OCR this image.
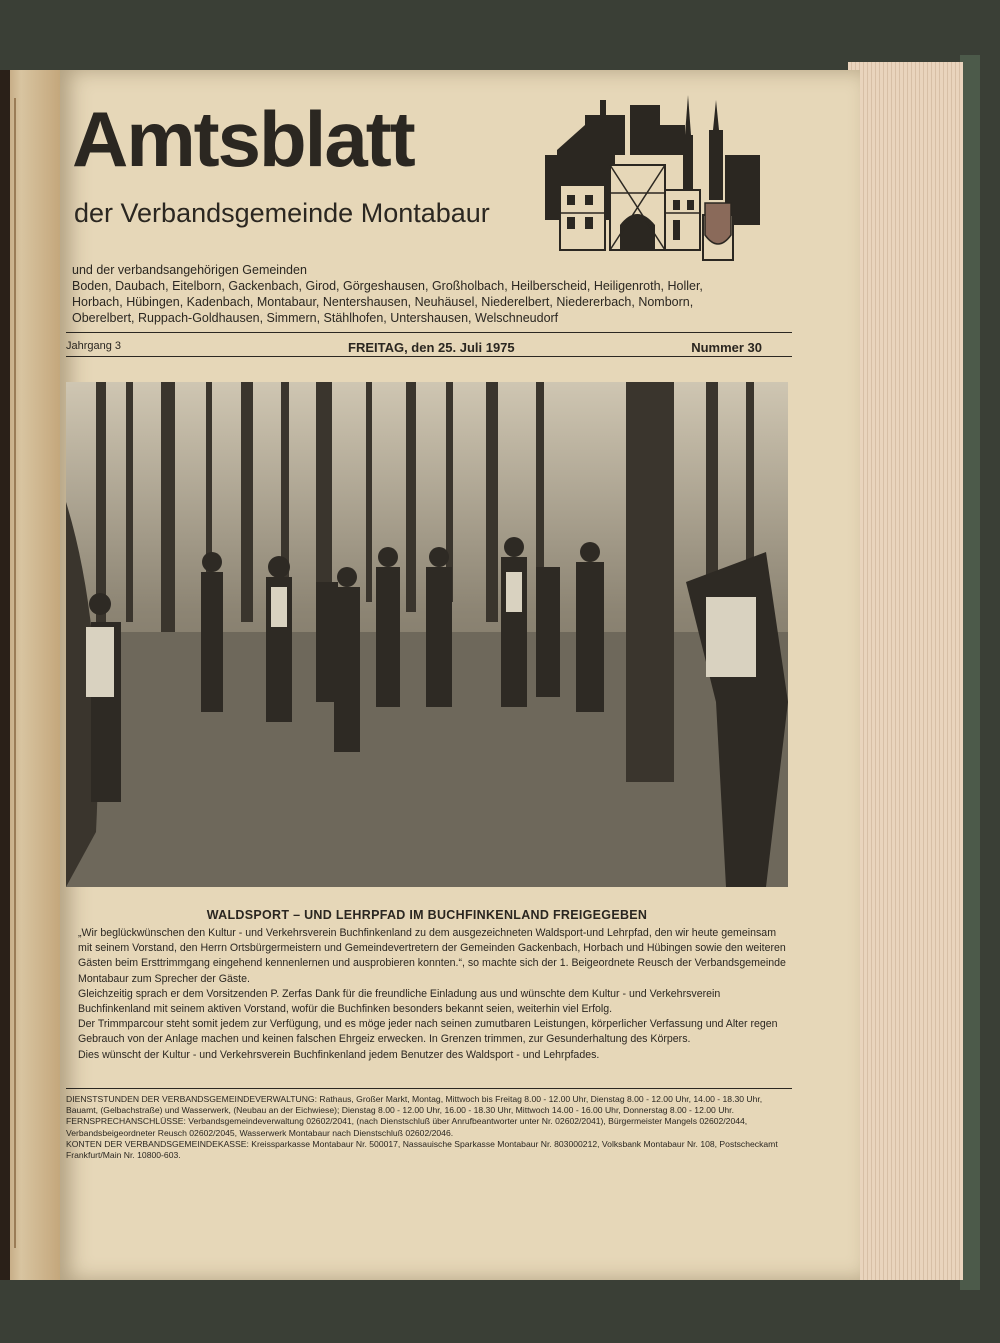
Amtsblatt
der Verbandsgemeinde Montabaur
und der verbandsangehörigen Gemeinden
Boden, Daubach, Eitelborn, Gackenbach, Girod, Görgeshausen, Großholbach, Heilberscheid, Heiligenroth, Holler,
Horbach, Hübingen, Kadenbach, Montabaur, Nentershausen, Neuhäusel, Niederelbert, Niedererbach, Nomborn,
Oberelbert, Ruppach-Goldhausen, Simmern, Stählhofen, Untershausen, Welschneudorf
Jahrgang 3	FREITAG, den 25. Juli 1975	Nummer 30
WALDSPORT – UND LEHRPFAD IM BUCHFINKENLAND FREIGEGEBEN

„Wir beglückwünschen den Kultur - und Verkehrsverein Buchfinkenland zu dem ausgezeichneten Waldsport-und Lehrpfad, den wir heute gemeinsam mit seinem Vorstand, den Herrn Ortsbürgermeistern und Gemeindevertretern der Gemeinden Gackenbach, Horbach und Hübingen sowie den weiteren Gästen beim Ersttrimmgang eingehend kennenlernen und ausprobieren konnten.“, so machte sich der 1. Beigeordnete Reusch der Verbandsgemeinde Montabaur zum Sprecher der Gäste.

Gleichzeitig sprach er dem Vorsitzenden P. Zerfas Dank für die freundliche Einladung aus und wünschte dem Kultur - und Verkehrsverein Buchfinkenland mit seinem aktiven Vorstand, wofür die Buchfinken besonders bekannt seien, weiterhin viel Erfolg.

Der Trimmparcour steht somit jedem zur Verfügung, und es möge jeder nach seinen zumutbaren Leistungen, körperlicher Verfassung und Alter regen Gebrauch von der Anlage machen und keinen falschen Ehrgeiz erwecken. In Grenzen trimmen, zur Gesunderhaltung des Körpers.

Dies wünscht der Kultur - und Verkehrsverein Buchfinkenland jedem Benutzer des Waldsport - und Lehrpfades.

DIENSTSTUNDEN DER VERBANDSGEMEINDEVERWALTUNG: Rathaus, Großer Markt, Montag, Mittwoch bis Freitag 8.00 - 12.00 Uhr, Dienstag 8.00 - 12.00 Uhr, 14.00 - 18.30 Uhr, Bauamt, (Gelbachstraße) und Wasserwerk, (Neubau an der Eichwiese); Dienstag 8.00 - 12.00 Uhr, 16.00 - 18.30 Uhr, Mittwoch 14.00 - 16.00 Uhr, Donnerstag 8.00 - 12.00 Uhr.

FERNSPRECHANSCHLÜSSE: Verbandsgemeindeverwaltung 02602/2041, (nach Dienstschluß über Anrufbeantworter unter Nr. 02602/2041), Bürgermeister Mangels 02602/2044, Verbandsbeigeordneter Reusch 02602/2045, Wasserwerk Montabaur nach Dienstschluß 02602/2046.

KONTEN DER VERBANDSGEMEINDEKASSE: Kreissparkasse Montabaur Nr. 500017, Nassauische Sparkasse Montabaur Nr. 803000212, Volksbank Montabaur Nr. 108, Postscheckamt Frankfurt/Main Nr. 10800-603.
